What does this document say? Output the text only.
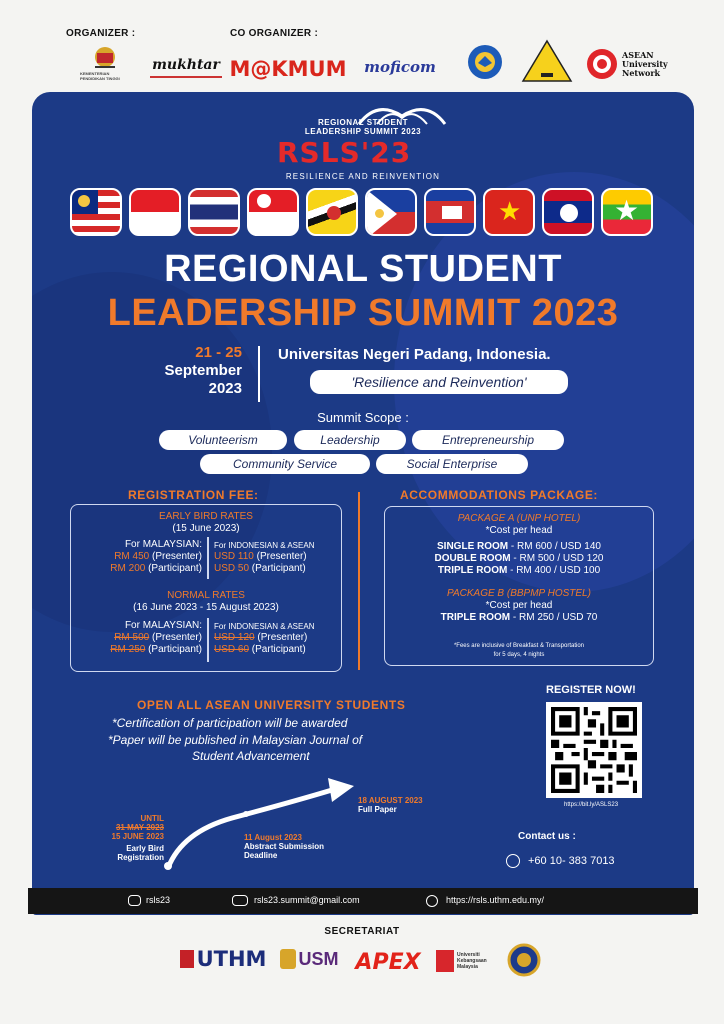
ORGANIZER :	CO ORGANIZER :
KEMENTERIAN PENDIDIKAN TINGGI
mukhtar M@KMUM	moficom
ASEAN University Network
REGIONAL STUDENT
LEADERSHIP SUMMIT 2023
RSLS'23
RESILIENCE AND REINVENTION
★	★
REGIONAL STUDENT
LEADERSHIP SUMMIT 2023
21 - 25
September
2023
Universitas Negeri Padang, Indonesia.
'Resilience and Reinvention'
Summit Scope :
Volunteerism	Leadership	Entrepreneurship
Community Service	Social Enterprise
REGISTRATION FEE:
EARLY BIRD RATES
(15 June 2023)
For MALAYSIAN:
RM 450 (Presenter)
RM 200 (Participant)
For INDONESIAN & ASEAN
USD 110 (Presenter)
USD 50 (Participant)
NORMAL RATES
(16 June 2023 - 15 August 2023)
For MALAYSIAN:
RM 500 (Presenter)
RM 250 (Participant)
For INDONESIAN & ASEAN
USD 120 (Presenter)
USD 60 (Participant)
ACCOMMODATIONS PACKAGE:
PACKAGE A (UNP HOTEL)
*Cost per head
SINGLE ROOM - RM 600 / USD 140
DOUBLE ROOM - RM 500 / USD 120
TRIPLE ROOM - RM 400 / USD 100
PACKAGE B (BBPMP HOSTEL)
*Cost per head
TRIPLE ROOM - RM 250 / USD 70
*Fees are inclusive of Breakfast & Transportation
for 5 days, 4 nights
OPEN ALL ASEAN UNIVERSITY STUDENTS
*Certification of participation will be awarded
*Paper will be published in Malaysian Journal of
Student Advancement
REGISTER NOW!
https://bit.ly/ASLS23
UNTIL
31 MAY 2023
15 JUNE 2023
Early Bird
Registration
11 August 2023
Abstract Submission
Deadline
18 AUGUST 2023
Full Paper
Contact us :
+60 10- 383 7013
rsls23	rsls23.summit@gmail.com	https://rsls.uthm.edu.my/
SECRETARIAT
UTHM USM APEX	Universiti Kebangsaan Malaysia
